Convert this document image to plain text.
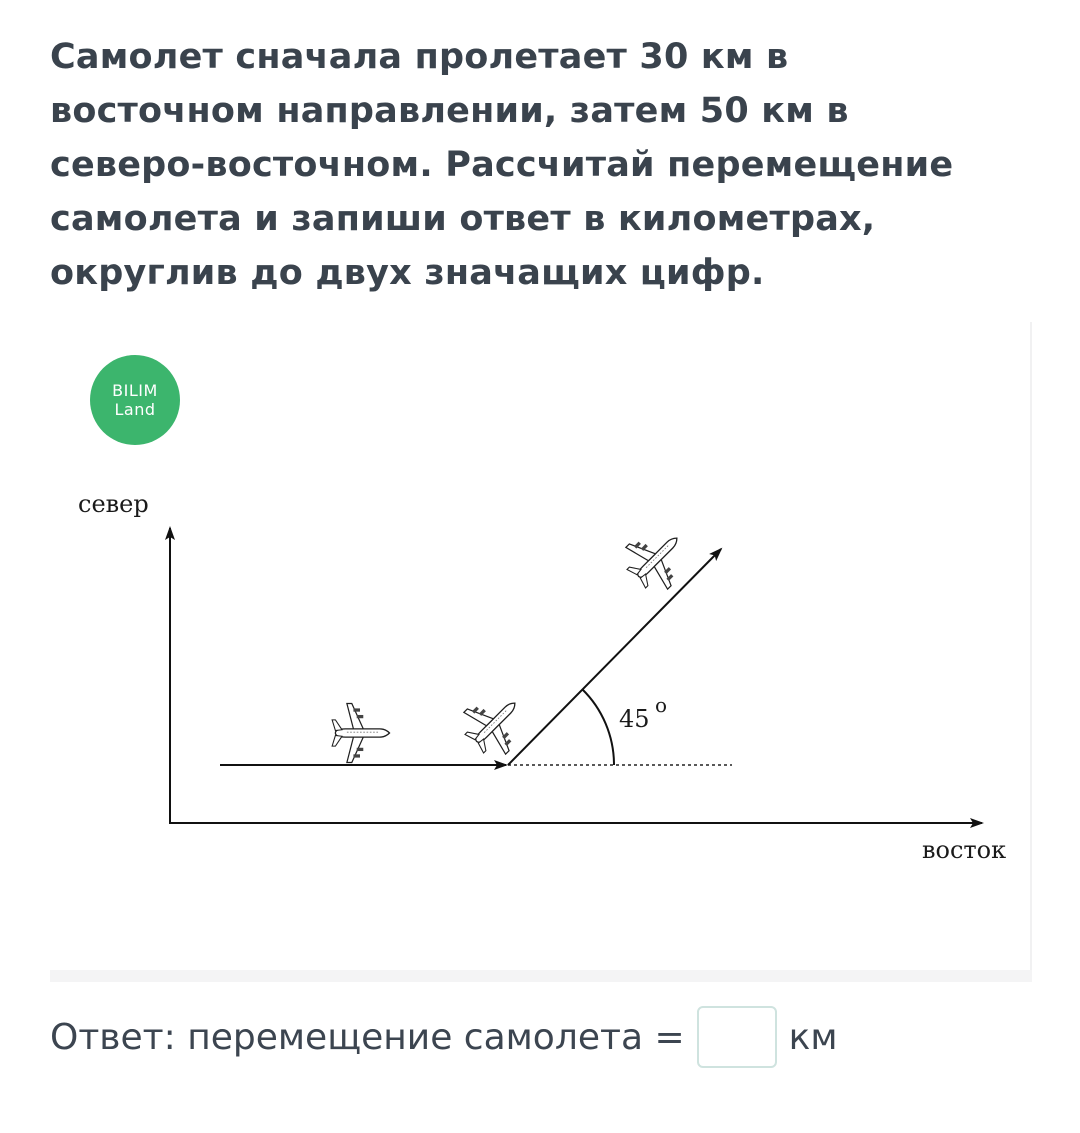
Самолет сначала пролетает 30 км в
восточном направлении, затем 50 км в
северо-восточном. Рассчитай перемещение
самолета и запиши ответ в километрах,
округлив до двух значащих цифр.
BILIM
Land
север
восток
45 o
Ответ: перемещение самолета =	км
